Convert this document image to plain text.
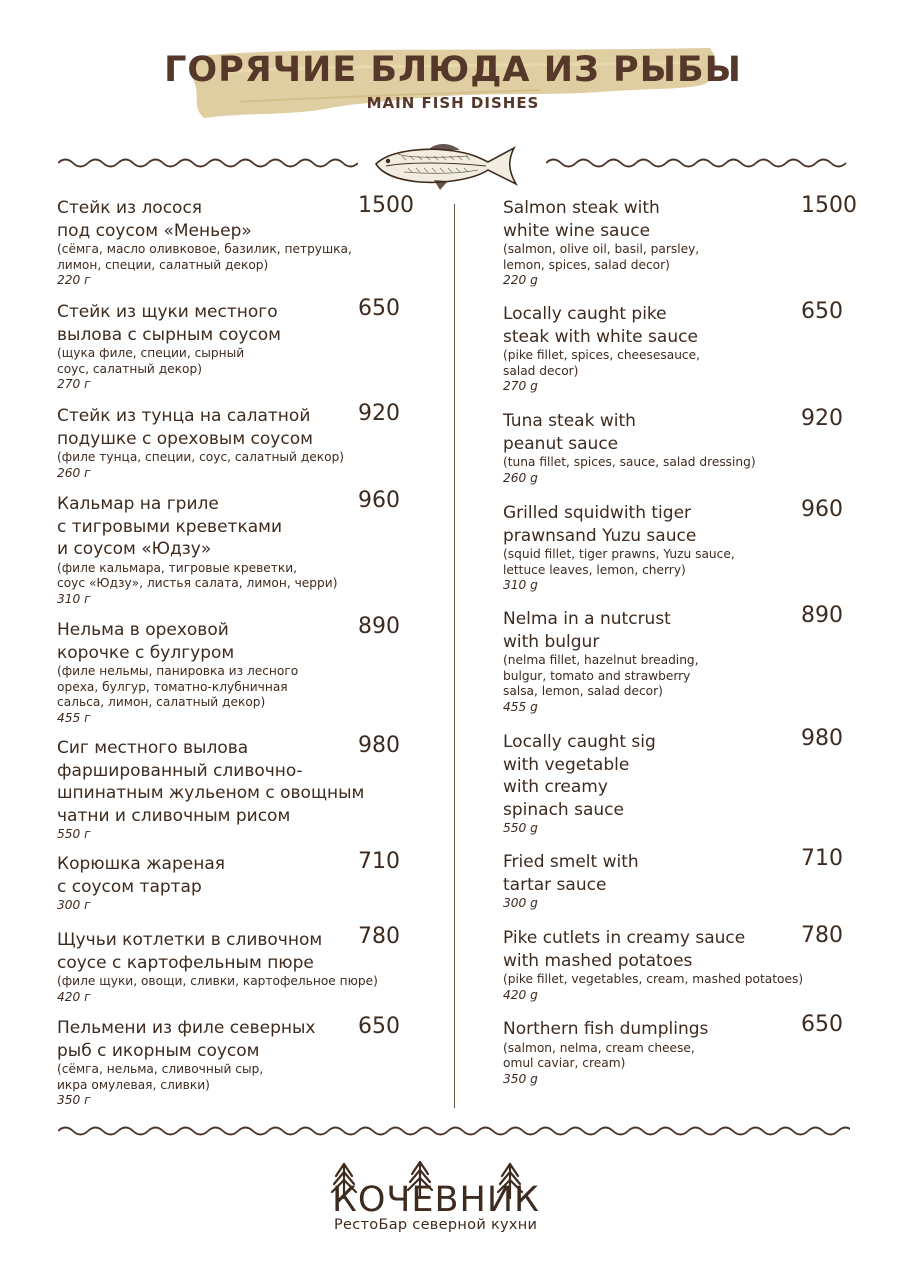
ГОРЯЧИЕ БЛЮДА ИЗ РЫБЫ
MAIN FISH DISHES
Стейк из лосося
под соусом «Меньер»
(сёмга, масло оливковое, базилик, петрушка,
лимон, специи, салатный декор)
220 г
1500
Стейк из щуки местного
вылова с сырным соусом
(щука филе, специи, сырный
соус, салатный декор)
270 г
650
Стейк из тунца на салатной
подушке с ореховым соусом
(филе тунца, специи, соус, салатный декор)
260 г
920
Кальмар на гриле
с тигровыми креветками
и соусом «Юдзу»
(филе кальмара, тигровые креветки,
соус «Юдзу», листья салата, лимон, черри)
310 г
960
Нельма в ореховой
корочке с булгуром
(филе нельмы, панировка из лесного
ореха, булгур, томатно-клубничная
сальса, лимон, салатный декор)
455 г
890
Сиг местного вылова
фаршированный сливочно-
шпинатным жульеном с овощным
чатни и сливочным рисом
550 г
980
Корюшка жареная
с соусом тартар
300 г
710
Щучьи котлетки в сливочном
соусе с картофельным пюре
(филе щуки, овощи, сливки, картофельное пюре)
420 г
780
Пельмени из филе северных
рыб с икорным соусом
(сёмга, нельма, сливочный сыр,
икра омулевая, сливки)
350 г
650
Salmon steak with
white wine sauce
(salmon, olive oil, basil, parsley,
lemon, spices, salad decor)
220 g
1500
Locally caught pike
steak with white sauce
(pike fillet, spices, cheesesauce,
salad decor)
270 g
650
Tuna steak with
peanut sauce
(tuna fillet, spices, sauce, salad dressing)
260 g
920
Grilled squidwith tiger
prawnsand Yuzu sauce
(squid fillet, tiger prawns, Yuzu sauce,
lettuce leaves, lemon, cherry)
310 g
960
Nelma in a nutcrust
with bulgur
(nelma fillet, hazelnut breading,
bulgur, tomato and strawberry
salsa, lemon, salad decor)
455 g
890
Locally caught sig
with vegetable
with creamy
spinach sauce
550 g
980
Fried smelt with
tartar sauce
300 g
710
Pike cutlets in creamy sauce
with mashed potatoes
(pike fillet, vegetables, cream, mashed potatoes)
420 g
780
Northern fish dumplings
(salmon, nelma, cream cheese,
omul caviar, cream)
350 g
650
КОЧЕВНИК
РестоБар северной кухни
